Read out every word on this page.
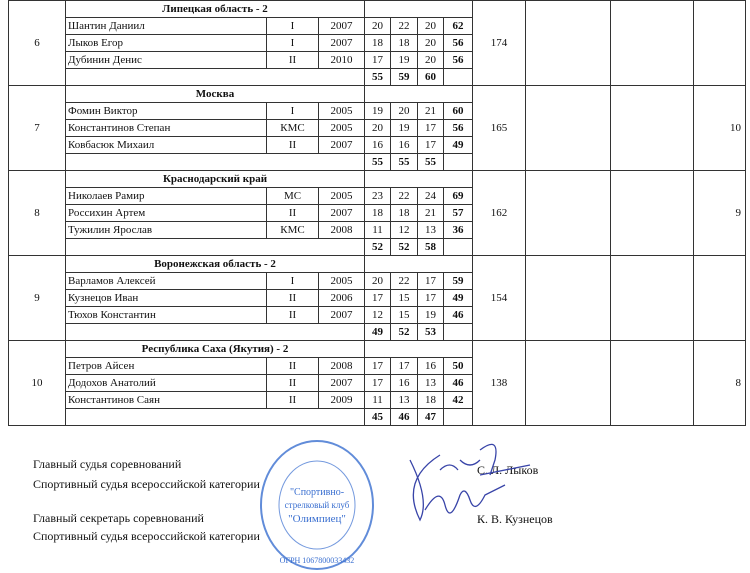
6	Липецкая область - 2							174			
	Шантин Даниил	I	2007	20	22	20	62				
	Лыков Егор	I	2007	18	18	20	56				
	Дубинин Денис	II	2010	17	19	20	56				
				55	59	60					
7	Москва							165			10
	Фомин Виктор	I	2005	19	20	21	60				
	Константинов Степан	КМС	2005	20	19	17	56				
	Ковбасюк Михаил	II	2007	16	16	17	49				
				55	55	55					
8	Краснодарский край							162			9
	Николаев Рамир	МС	2005	23	22	24	69				
	Россихин Артем	II	2007	18	18	21	57				
	Тужилин Ярослав	КМС	2008	11	12	13	36				
				52	52	58					
9	Воронежская область - 2							154			
	Варламов Алексей	I	2005	20	22	17	59				
	Кузнецов Иван	II	2006	17	15	17	49				
	Тюхов Константин	II	2007	12	15	19	46				
				49	52	53					
10	Республика Саха (Якутия) - 2							138			8
	Петров Айсен	II	2008	17	17	16	50				
	Додохов Анатолий	II	2007	17	16	13	46				
	Константинов Саян	II	2009	11	13	18	42				
				45	46	47					
Главный судья соревнований
Спортивный судья всероссийской категории
С. Л. Лыков
Главный секретарь соревнований
Спортивный судья всероссийской категории
К. В. Кузнецов
"Спортивно-
стрелковый клуб
"Олимпиец"
ОГРН 1067800033432
